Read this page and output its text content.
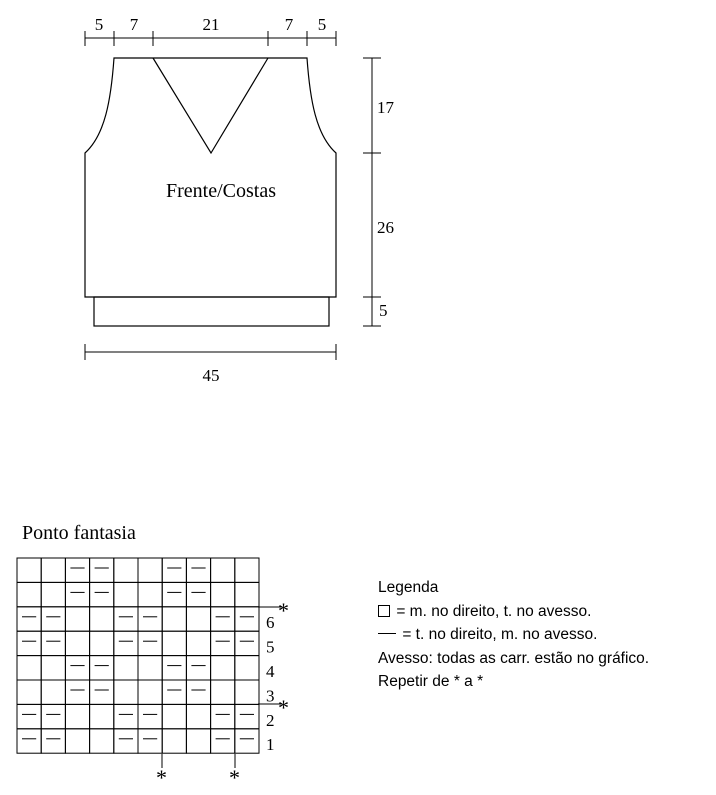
5 7	21	7 5
Frente/Costas
17
26
5
45
Ponto fantasia
6
5
4
3
2
1
*
*
*	*
Legenda
= m. no direito, t. no avesso.
= t. no direito, m. no avesso.
Avesso: todas as carr. estão no gráfico.
Repetir de * a *
